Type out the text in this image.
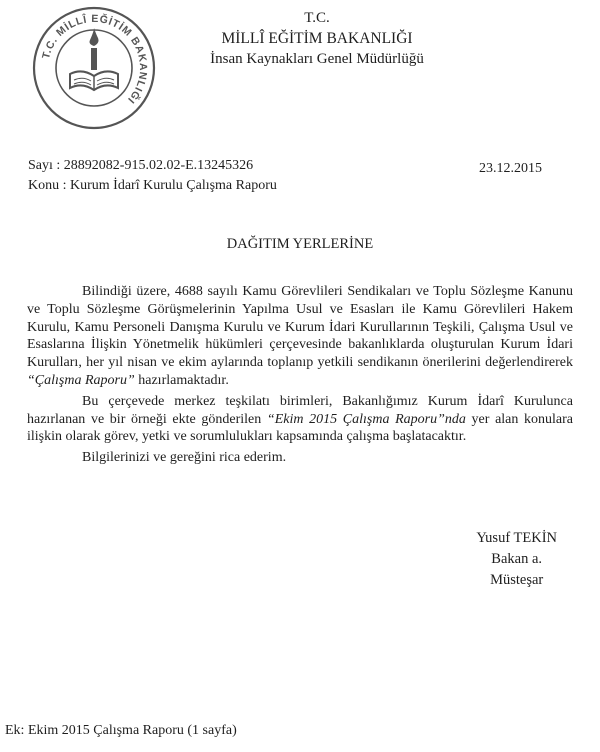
T.C. MİLLÎ EĞİTİM BAKANLIĞI
T.C.
MİLLÎ EĞİTİM BAKANLIĞI
İnsan Kaynakları Genel Müdürlüğü
Sayı : 28892082-915.02.02-E.13245326
Konu : Kurum İdarî Kurulu Çalışma Raporu
23.12.2015
DAĞITIM YERLERİNE

Bilindiği üzere, 4688 sayılı Kamu Görevlileri Sendikaları ve Toplu Sözleşme Kanunu ve Toplu Sözleşme Görüşmelerinin Yapılma Usul ve Esasları ile Kamu Görevlileri Hakem Kurulu, Kamu Personeli Danışma Kurulu ve Kurum İdari Kurullarının Teşkili, Çalışma Usul ve Esaslarına İlişkin Yönetmelik hükümleri çerçevesinde bakanlıklarda oluşturulan Kurum İdari Kurulları, her yıl nisan ve ekim aylarında toplanıp yetkili sendikanın önerilerini değerlendirerek “Çalışma Raporu” hazırlamaktadır.

Bu çerçevede merkez teşkilatı birimleri, Bakanlığımız Kurum İdarî Kurulunca hazırlanan ve bir örneği ekte gönderilen “Ekim 2015 Çalışma Raporu”nda yer alan konulara ilişkin olarak görev, yetki ve sorumlulukları kapsamında çalışma başlatacaktır.

Bilgilerinizi ve gereğini rica ederim.

Yusuf TEKİN
Bakan a.
Müsteşar
Ek: Ekim 2015 Çalışma Raporu (1 sayfa)
